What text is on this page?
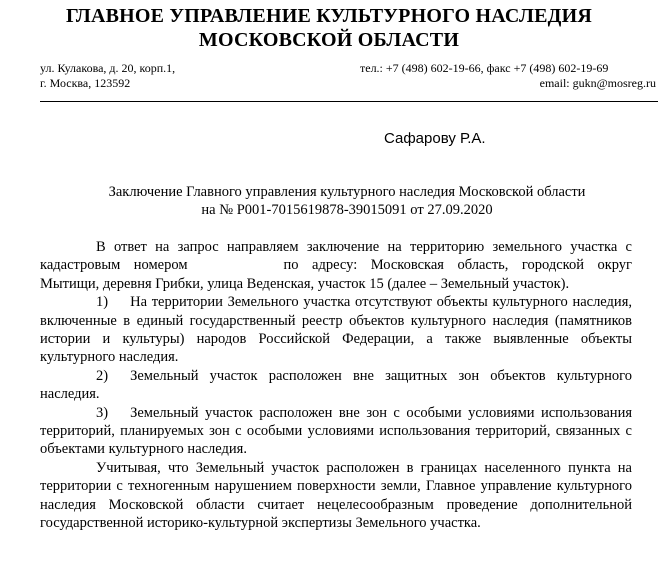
ГЛАВНОЕ УПРАВЛЕНИЕ КУЛЬТУРНОГО НАСЛЕДИЯ
МОСКОВСКОЙ ОБЛАСТИ
ул. Кулакова, д. 20, корп.1,
г. Москва, 123592
тел.: +7 (498) 602-19-66, факс +7 (498) 602-19-69
email: gukn@mosreg.ru
Сафарову Р.А.
Заключение Главного управления культурного наследия Московской области
на № Р001-7015619878-39015091 от 27.09.2020

В ответ на запрос направляем заключение на территорию земельного участка с кадастровым номером	по адресу: Московская область, городской округ Мытищи, деревня Грибки, улица Веденская, участок 15 (далее – Земельный участок).

1) На территории Земельного участка отсутствуют объекты культурного наследия, включенные в единый государственный реестр объектов культурного наследия (памятников истории и культуры) народов Российской Федерации, а также выявленные объекты культурного наследия.

2) Земельный участок расположен вне защитных зон объектов культурного наследия.

3) Земельный участок расположен вне зон с особыми условиями использования территорий, планируемых зон с особыми условиями использования территорий, связанных с объектами культурного наследия.

Учитывая, что Земельный участок расположен в границах населенного пункта на территории с техногенным нарушением поверхности земли, Главное управление культурного наследия Московской области считает нецелесообразным проведение дополнительной государственной историко-культурной экспертизы Земельного участка.
